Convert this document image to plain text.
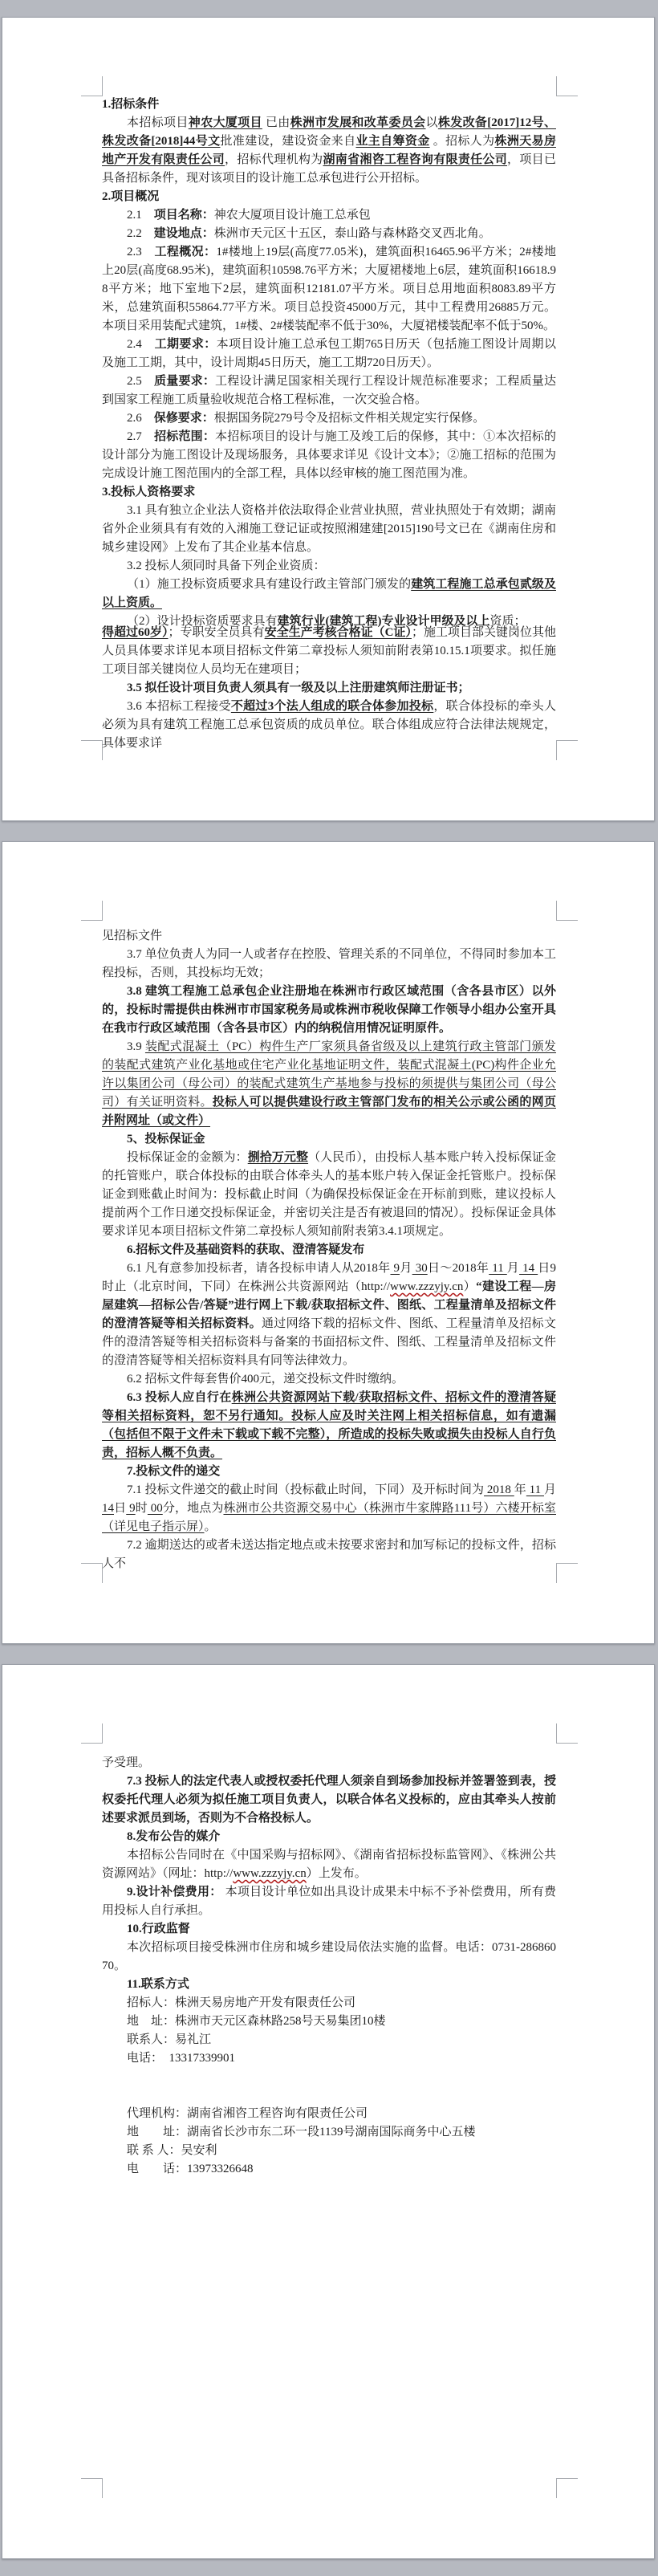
1.招标条件

本招标项目神农大厦项目 已由株洲市发展和改革委员会以株发改备[2017]12号、株发改备[2018]44号文批准建设，建设资金来自业主自筹资金 。招标人为株洲天易房地产开发有限责任公司，招标代理机构为湖南省湘咨工程咨询有限责任公司，项目已具备招标条件，现对该项目的设计施工总承包进行公开招标。

2.项目概况

2.1　项目名称：神农大厦项目设计施工总承包

2.2　建设地点：株洲市天元区十五区，泰山路与森林路交叉西北角。

2.3　工程概况：1#楼地上19层(高度77.05米)，建筑面积16465.96平方米；2#楼地上20层(高度68.95米)，建筑面积10598.76平方米；大厦裙楼地上6层，建筑面积16618.98平方米；地下室地下2层，建筑面积12181.07平方米。项目总用地面积8083.89平方米，总建筑面积55864.77平方米。项目总投资45000万元，其中工程费用26885万元。本项目采用装配式建筑，1#楼、2#楼装配率不低于30%，大厦裙楼装配率不低于50%。

2.4　工期要求：本项目设计施工总承包工期765日历天（包括施工图设计周期以及施工工期，其中，设计周期45日历天，施工工期720日历天）。

2.5　质量要求：工程设计满足国家相关现行工程设计规范标准要求；工程质量达到国家工程施工质量验收规范合格工程标准，一次交验合格。

2.6　保修要求：根据国务院279号令及招标文件相关规定实行保修。

2.7　招标范围：本招标项目的设计与施工及竣工后的保修，其中：①本次招标的设计部分为施工图设计及现场服务，具体要求详见《设计文本》；②施工招标的范围为完成设计施工图范围内的全部工程，具体以经审核的施工图范围为准。

3.投标人资格要求

3.1 具有独立企业法人资格并依法取得企业营业执照，营业执照处于有效期；湖南省外企业须具有有效的入湘施工登记证或按照湘建建[2015]190号文已在《湖南住房和城乡建设网》上发布了其企业基本信息。

3.2 投标人须同时具备下列企业资质：

（1）施工投标资质要求具有建设行政主管部门颁发的建筑工程施工总承包贰级及以上资质。

（2）设计投标资质要求具有建筑行业(建筑工程)专业设计甲级及以上资质；

得超过60岁）；专职安全员具有安全生产考核合格证（C证）；施工项目部关键岗位其他人员具体要求详见本项目招标文件第二章投标人须知前附表第10.15.1项要求。拟任施工项目部关键岗位人员均无在建项目；

3.5 拟任设计项目负责人须具有一级及以上注册建筑师注册证书；

3.6 本招标工程接受不超过3个法人组成的联合体参加投标，联合体投标的牵头人必须为具有建筑工程施工总承包资质的成员单位。联合体组成应符合法律法规规定，具体要求详

见招标文件

3.7 单位负责人为同一人或者存在控股、管理关系的不同单位，不得同时参加本工程投标，否则，其投标均无效；

3.8 建筑工程施工总承包企业注册地在株洲市行政区域范围（含各县市区）以外的，投标时需提供由株洲市市国家税务局或株洲市税收保障工作领导小组办公室开具在我市行政区域范围（含各县市区）内的纳税信用情况证明原件。

3.9 装配式混凝土（PC）构件生产厂家须具备省级及以上建筑行政主管部门颁发的装配式建筑产业化基地或住宅产业化基地证明文件，装配式混凝土(PC)构件企业允许以集团公司（母公司）的装配式建筑生产基地参与投标的须提供与集团公司（母公司）有关证明资料。投标人可以提供建设行政主管部门发布的相关公示或公函的网页并附网址（或文件）

5、投标保证金

投标保证金的金额为：捌拾万元整（人民币），由投标人基本账户转入投标保证金的托管账户，联合体投标的由联合体牵头人的基本账户转入保证金托管账户。投标保证金到账截止时间为：投标截止时间（为确保投标保证金在开标前到账，建议投标人提前两个工作日递交投标保证金，并密切关注是否有被退回的情况）。投标保证金具体要求详见本项目招标文件第二章投标人须知前附表第3.4.1项规定。

6.招标文件及基础资料的获取、澄清答疑发布

6.1 凡有意参加投标者，请各投标申请人从2018年 9月 30日～2018年 11 月 14 日9时止（北京时间，下同）在株洲公共资源网站（http://www.zzzyjy.cn）“建设工程—房屋建筑—招标公告/答疑”进行网上下载/获取招标文件、图纸、工程量清单及招标文件的澄清答疑等相关招标资料。通过网络下载的招标文件、图纸、工程量清单及招标文件的澄清答疑等相关招标资料与备案的书面招标文件、图纸、工程量清单及招标文件的澄清答疑等相关招标资料具有同等法律效力。

6.2 招标文件每套售价400元，递交投标文件时缴纳。

6.3 投标人应自行在株洲公共资源网站下载/获取招标文件、招标文件的澄清答疑等相关招标资料，恕不另行通知。投标人应及时关注网上相关招标信息，如有遗漏（包括但不限于文件未下载或下载不完整），所造成的投标失败或损失由投标人自行负责，招标人概不负责。

7.投标文件的递交

7.1 投标文件递交的截止时间（投标截止时间，下同）及开标时间为 2018 年 11 月 14日 9时 00分，地点为株洲市公共资源交易中心（株洲市牛家牌路111号）六楼开标室（详见电子指示屏）。

7.2 逾期送达的或者未送达指定地点或未按要求密封和加写标记的投标文件，招标人不

予受理。

7.3 投标人的法定代表人或授权委托代理人须亲自到场参加投标并签署签到表，授权委托代理人必须为拟任施工项目负责人，以联合体名义投标的，应由其牵头人按前述要求派员到场，否则为不合格投标人。

8.发布公告的媒介

本招标公告同时在《中国采购与招标网》、《湖南省招标投标监管网》、《株洲公共资源网站》（网址：http://www.zzzyjy.cn）上发布。

9.设计补偿费用： 本项目设计单位如出具设计成果未中标不予补偿费用，所有费用投标人自行承担。

10.行政监督

本次招标项目接受株洲市住房和城乡建设局依法实施的监督。电话：0731-28686070。

11.联系方式

招标人：株洲天易房地产开发有限责任公司

地　址：株洲市天元区森林路258号天易集团10楼

联系人：易礼江

电话：　13317339901

代理机构：湖南省湘咨工程咨询有限责任公司

地　　址：湖南省长沙市东二环一段1139号湖南国际商务中心五楼

联 系 人：吴安利

电　　话：13973326648
